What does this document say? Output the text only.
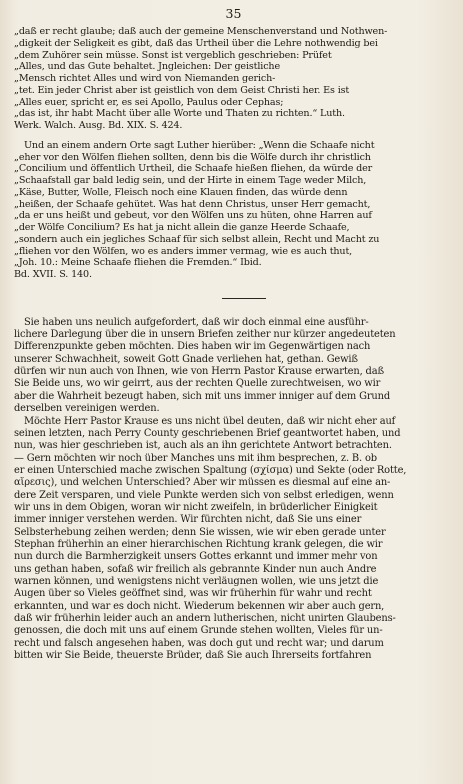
35
„daß er recht glaube; daß auch der gemeine Menschenverstand und Nothwen-
„digkeit der Seligkeit es gibt, daß das Urtheil über die Lehre nothwendig bei
„dem Zuhörer sein müsse. Sonst ist vergeblich geschrieben: Prüfet
„Alles, und das Gute behaltet. Jngleichen: Der geistliche
„Mensch richtet Alles und wird von Niemanden gerich-
„tet. Ein jeder Christ aber ist geistlich von dem Geist Christi her. Es ist
„Alles euer, spricht er, es sei Apollo, Paulus oder Cephas;
„das ist, ihr habt Macht über alle Worte und Thaten zu richten.“ Luth.
Werk. Walch. Ausg. Bd. XIX. S. 424.
Und an einem andern Orte sagt Luther hierüber: „Wenn die Schaafe nicht
„eher vor den Wölfen fliehen sollten, denn bis die Wölfe durch ihr christlich
„Concilium und öffentlich Urtheil, die Schaafe hießen fliehen, da würde der
„Schaafstall gar bald ledig sein, und der Hirte in einem Tage weder Milch,
„Käse, Butter, Wolle, Fleisch noch eine Klauen finden, das würde denn
„heißen, der Schaafe gehütet. Was hat denn Christus, unser Herr gemacht,
„da er uns heißt und gebeut, vor den Wölfen uns zu hüten, ohne Harren auf
„der Wölfe Concilium? Es hat ja nicht allein die ganze Heerde Schaafe,
„sondern auch ein jegliches Schaaf für sich selbst allein, Recht und Macht zu
„fliehen vor den Wölfen, wo es anders immer vermag, wie es auch thut,
„Joh. 10.: Meine Schaafe fliehen die Fremden.“ Ibid.
Bd. XVII. S. 140.
Sie haben uns neulich aufgefordert, daß wir doch einmal eine ausführ-
lichere Darlegung über die in unsern Briefen zeither nur kürzer angedeuteten
Differenzpunkte geben möchten. Dies haben wir im Gegenwärtigen nach
unserer Schwachheit, soweit Gott Gnade verliehen hat, gethan. Gewiß
dürfen wir nun auch von Ihnen, wie von Herrn Pastor Krause erwarten, daß
Sie Beide uns, wo wir geirrt, aus der rechten Quelle zurechtweisen, wo wir
aber die Wahrheit bezeugt haben, sich mit uns immer inniger auf dem Grund
derselben vereinigen werden.
Möchte Herr Pastor Krause es uns nicht übel deuten, daß wir nicht eher auf
seinen letzten, nach Perry County geschriebenen Brief geantwortet haben, und
nun, was hier geschrieben ist, auch als an ihn gerichtete Antwort betrachten.
— Gern möchten wir noch über Manches uns mit ihm besprechen, z. B. ob
er einen Unterschied mache zwischen Spaltung (σχίσμα) und Sekte (oder Rotte,
αἵρεσις), und welchen Unterschied? Aber wir müssen es diesmal auf eine an-
dere Zeit versparen, und viele Punkte werden sich von selbst erledigen, wenn
wir uns in dem Obigen, woran wir nicht zweifeln, in brüderlicher Einigkeit
immer inniger verstehen werden. Wir fürchten nicht, daß Sie uns einer
Selbsterhebung zeihen werden; denn Sie wissen, wie wir eben gerade unter
Stephan früherhin an einer hierarchischen Richtung krank gelegen, die wir
nun durch die Barmherzigkeit unsers Gottes erkannt und immer mehr von
uns gethan haben, sofaß wir freilich als gebrannte Kinder nun auch Andre
warnen können, und wenigstens nicht verläugnen wollen, wie uns jetzt die
Augen über so Vieles geöffnet sind, was wir früherhin für wahr und recht
erkannten, und war es doch nicht. Wiederum bekennen wir aber auch gern,
daß wir früherhin leider auch an andern lutherischen, nicht unirten Glaubens-
genossen, die doch mit uns auf einem Grunde stehen wollten, Vieles für un-
recht und falsch angesehen haben, was doch gut und recht war; und darum
bitten wir Sie Beide, theuerste Brüder, daß Sie auch Ihrerseits fortfahren
